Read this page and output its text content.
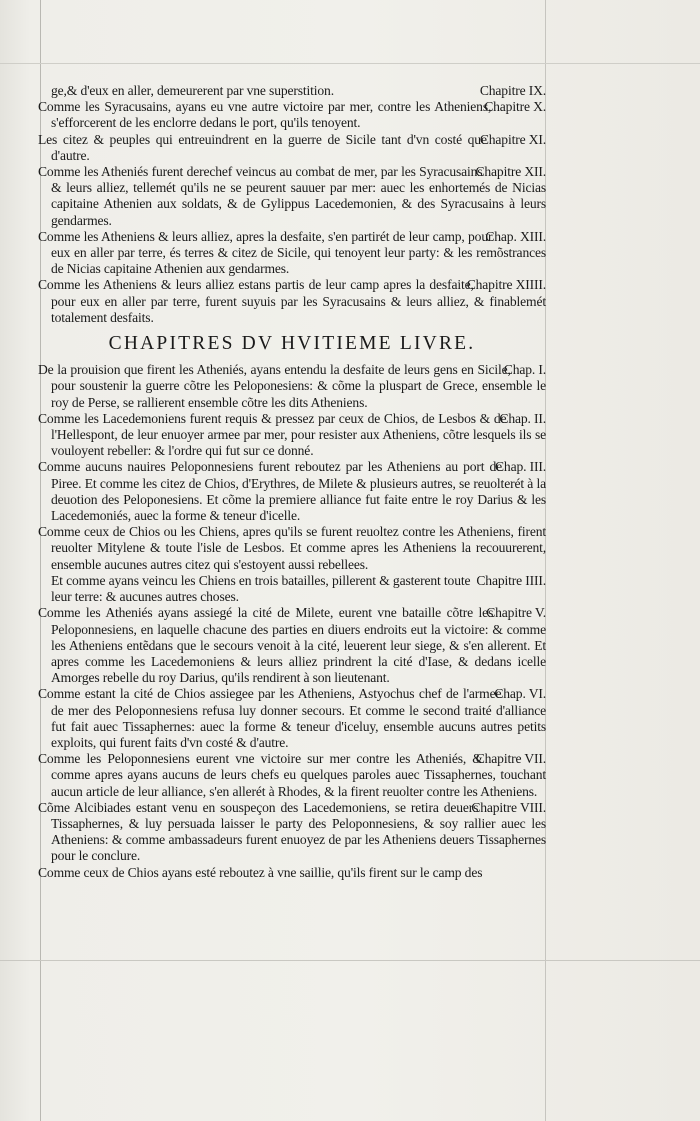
Chapitre IX.
ge,& d'eux en aller, demeurerent par vne superstition.

Chapitre X.
Comme les Syracusains, ayans eu vne autre victoire par mer, contre les Atheniens, s'efforcerent de les enclorre dedans le port, qu'ils tenoyent.

Chapitre XI.
Les citez & peuples qui entreuindrent en la guerre de Sicile tant d'vn costé que d'autre.

Chapitre XII.
Comme les Atheniés furent derechef veincus au combat de mer, par les Syracusains & leurs alliez, tellemét qu'ils ne se peurent sauuer par mer: auec les enhortemés de Nicias capitaine Athenien aux soldats, & de Gylippus Lacedemonien, & des Syracusains à leurs gendarmes.

Chap. XIII.
Comme les Atheniens & leurs alliez, apres la desfaite, s'en partirét de leur camp, pour eux en aller par terre, és terres & citez de Sicile, qui tenoyent leur party: & les remõstrances de Nicias capitaine Athenien aux gendarmes.

Chapitre XIIII.
Comme les Atheniens & leurs alliez estans partis de leur camp apres la desfaite, pour eux en aller par terre, furent suyuis par les Syracusains & leurs alliez, & finablemét totalement desfaits.

CHAPITRES DV HVITIEME LIVRE.

Chap. I.
De la prouision que firent les Atheniés, ayans entendu la desfaite de leurs gens en Sicile, pour soustenir la guerre cõtre les Peloponesiens: & cõme la pluspart de Grece, ensemble le roy de Perse, se rallierent ensemble cõtre les dits Atheniens.

Chap. II.
Comme les Lacedemoniens furent requis & pressez par ceux de Chios, de Lesbos & de l'Hellespont, de leur enuoyer armee par mer, pour resister aux Atheniens, cõtre lesquels ils se vouloyent rebeller: & l'ordre qui fut sur ce donné.

Chap. III.
Comme aucuns nauires Peloponnesiens furent reboutez par les Atheniens au port de Piree. Et comme les citez de Chios, d'Erythres, de Milete & plusieurs autres, se reuolterét à la deuotion des Peloponesiens. Et cõme la premiere alliance fut faite entre le roy Darius & les Lacedemoniés, auec la forme & teneur d'icelle.

Comme ceux de Chios ou les Chiens, apres qu'ils se furent reuoltez contre les Atheniens, firent reuolter Mitylene & toute l'isle de Lesbos. Et comme apres les Atheniens la recouurerent, ensemble aucunes autres citez qui s'estoyent aussi rebellees.

Chapitre IIII.
Et comme ayans veincu les Chiens en trois batailles, pillerent & gasterent toute leur terre: & aucunes autres choses.

Chapitre V.
Comme les Atheniés ayans assiegé la cité de Milete, eurent vne bataille cõtre les Peloponnesiens, en laquelle chacune des parties en diuers endroits eut la victoire: & comme les Atheniens entẽdans que le secours venoit à la cité, leuerent leur siege, & s'en allerent. Et apres comme les Lacedemoniens & leurs alliez prindrent la cité d'Iase, & dedans icelle Amorges rebelle du roy Darius, qu'ils rendirent à son lieutenant.

Chap. VI.
Comme estant la cité de Chios assiegee par les Atheniens, Astyochus chef de l'armee de mer des Peloponnesiens refusa luy donner secours. Et comme le second traité d'alliance fut fait auec Tissaphernes: auec la forme & teneur d'iceluy, ensemble aucuns autres petits exploits, qui furent faits d'vn costé & d'autre.

Chapitre VII.
Comme les Peloponnesiens eurent vne victoire sur mer contre les Atheniés, & comme apres ayans aucuns de leurs chefs eu quelques paroles auec Tissaphernes, touchant aucun article de leur alliance, s'en allerét à Rhodes, & la firent reuolter contre les Atheniens.

Chapitre VIII.
Cõme Alcibiades estant venu en souspeçon des Lacedemoniens, se retira deuers Tissaphernes, & luy persuada laisser le party des Peloponnesiens, & soy rallier auec les Atheniens: & comme ambassadeurs furent enuoyez de par les Atheniens deuers Tissaphernes pour le conclure.

Comme ceux de Chios ayans esté reboutez à vne saillie, qu'ils firent sur le camp des
